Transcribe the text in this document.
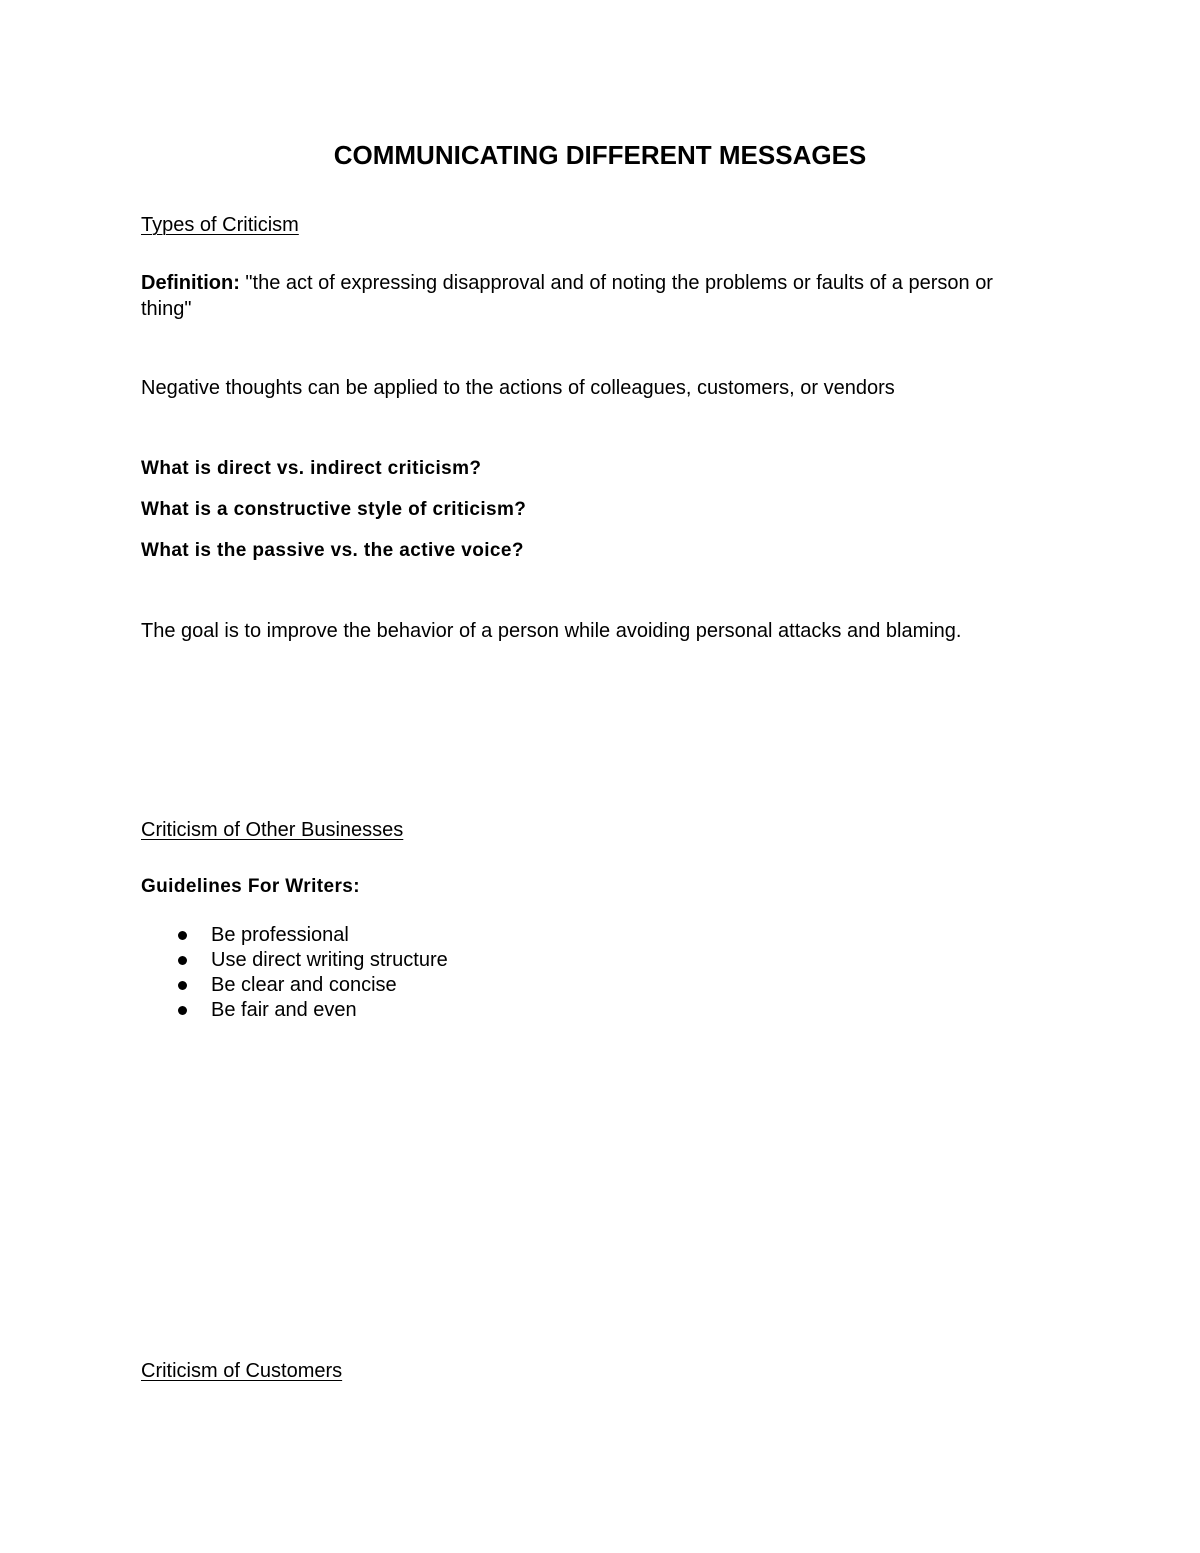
COMMUNICATING DIFFERENT MESSAGES

Types of Criticism

Definition: "the act of expressing disapproval and of noting the problems or faults of a person or thing"

Negative thoughts can be applied to the actions of colleagues, customers, or vendors

What is direct vs. indirect criticism?

What is a constructive style of criticism?

What is the passive vs. the active voice?

The goal is to improve the behavior of a person while avoiding personal attacks and blaming.

Criticism of Other Businesses

Guidelines For Writers:

Be professional
Use direct writing structure
Be clear and concise
Be fair and even

Criticism of Customers
